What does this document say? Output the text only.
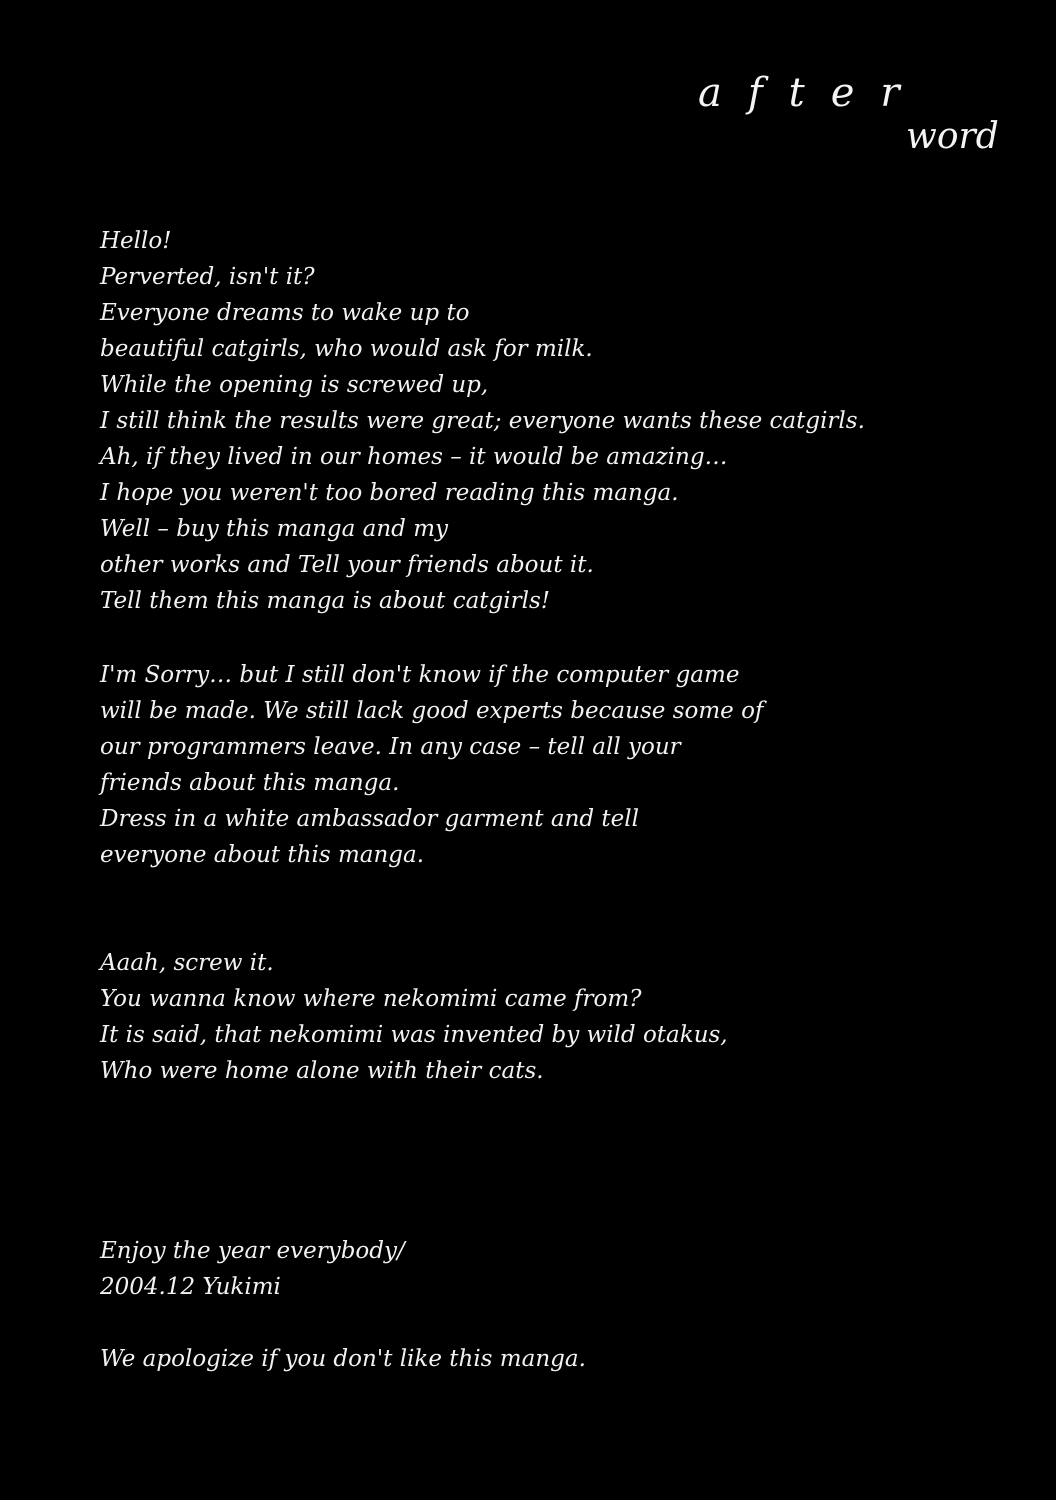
after
word
Hello!
Perverted, isn't it?
Everyone dreams to wake up to
beautiful catgirls, who would ask for milk.
While the opening is screwed up,
I still think the results were great; everyone wants these catgirls.
Ah, if they lived in our homes – it would be amazing…
I hope you weren't too bored reading this manga.
Well – buy this manga and my
other works and Tell your friends about it.
Tell them this manga is about catgirls!
I'm Sorry… but I still don't know if the computer game
will be made. We still lack good experts because some of
our programmers leave. In any case – tell all your
friends about this manga.
Dress in a white ambassador garment and tell
everyone about this manga.
Aaah, screw it.
You wanna know where nekomimi came from?
It is said, that nekomimi was invented by wild otakus,
Who were home alone with their cats.
Enjoy the year everybody/
2004.12 Yukimi
We apologize if you don't like this manga.
